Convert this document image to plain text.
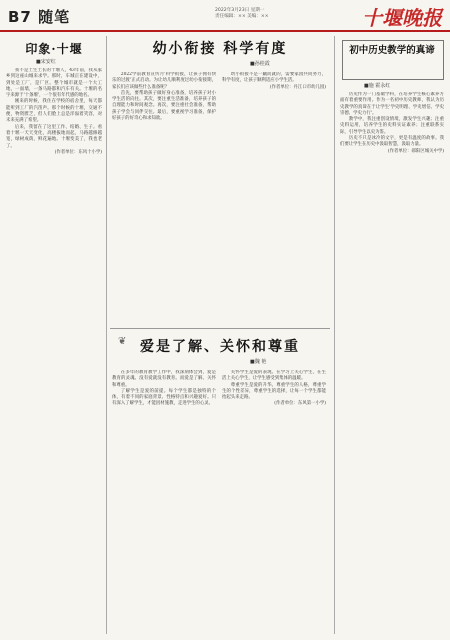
B7 随笔	2022年3月23日 星期一
责任编辑：×× 美编：××	十堰晚报
印象·十堰
■宋安红

我不是土生土长的十堰人，43年前，我从家乡到这座山城来求学。那时，车城正在建设中，到处是工厂，是厂区。整个城市就是一个大工地，一面墙，一条马路都和汽车有关。十堰的名字来源于'十条堰'，一个很有年代感的地名。

刚来的时候，我住在学校的宿舍里，每天都能听到工厂的汽笛声。那个时候的十堰，交通不便，物资匮乏，但人们脸上总是洋溢着笑容，对未来充满了希望。

后来，我留在了这里工作、结婚、生子。看着十堰一天天变化，高楼拔地而起，马路越修越宽，绿树成荫，鲜花遍地。十堰变美了，我也老了。

(作者单位：东风十小学)

幼小衔接 科学有度
■孙桂霞

2022学前教育宣传月'科学衔接，让孩子拥有快乐的过渡'正式启动。为让幼儿顺利度过幼小衔接期，家长们应该做些什么准备呢？

首先，要帮助孩子做好身心准备，培养孩子对小学生活的向往。其次，要注重生活准备，培养孩子的自理能力和时间观念。再次，要注重社会准备，帮助孩子学会与同伴交往。最后，要重视学习准备，保护好孩子的好奇心和求知欲。

幼小衔接不是一蹴而就的，需要家园共同努力，科学有度，让孩子顺利适应小学生活。

(作者单位：丹江口市幼儿园)

爱是了解、关怀和尊重
❦
■魏 艳

在多年的教育教学工作中，我深刻体会到，爱是教育的灵魂。没有爱就没有教育。而爱是了解、关怀和尊重。

了解学生是爱的前提。每个学生都是独特的个体，有着不同的家庭背景、性格特点和兴趣爱好。只有深入了解学生，才能因材施教，走进学生的心灵。

关怀学生是爱的表现。在学习上关心学生，在生活上关心学生，让学生感受到集体的温暖。

尊重学生是爱的升华。尊重学生的人格，尊重学生的个性差异，尊重学生的选择，让每一个学生都能抬起头来走路。

(作者单位：东风第一小学)

初中历史教学的真谛
■施 霍永红

历史作为一门基础学科，在培养学生核心素养方面有着重要作用。作为一名初中历史教师，我认为历史教学的真谛在于让学生'学史明理、学史增信、学史崇德、学史力行'。

教学中，我注重创设情境，激发学生兴趣；注重史料运用，培养学生的史料实证素养；注重联系实际，引导学生以史为鉴。

历史不只是冰冷的文字，更是有温度的故事。我们要让学生在历史中汲取智慧，汲取力量。

(作者单位：郧阳区城关中学)
